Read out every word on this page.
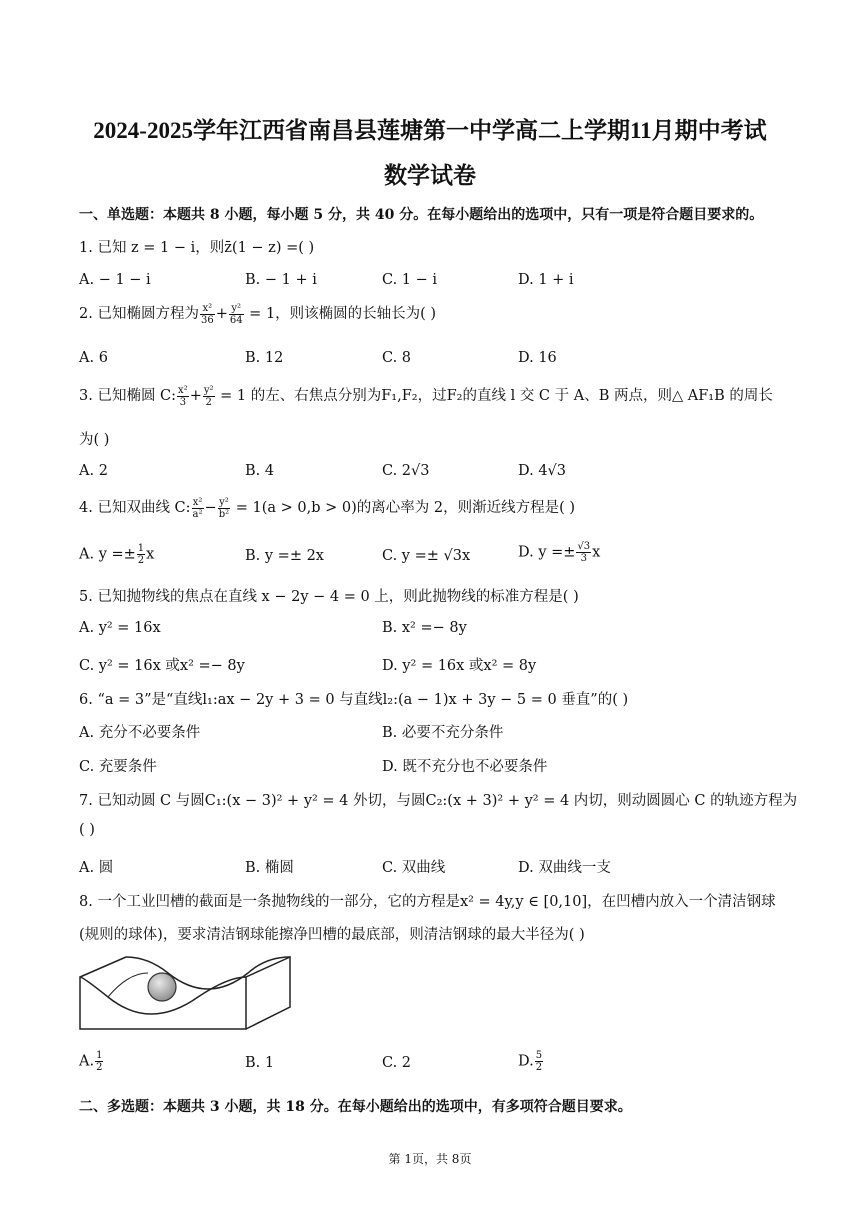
2024-2025学年江西省南昌县莲塘第一中学高二上学期11月期中考试
数学试卷
一、单选题：本题共 8 小题，每小题 5 分，共 40 分。在每小题给出的选项中，只有一项是符合题目要求的。
1. 已知 z = 1 − i，则z̄(1 − z) =( )
A. − 1 − i	B. − 1 + i	C. 1 − i	D. 1 + i
2. 已知椭圆方程为 $\frac{\text{x²}}{36} + \frac{\text{y²}}{64} = 1$，则该椭圆的长轴长为( )
A. 6	B. 12	C. 8	D. 16
3. 已知椭圆 C: $\frac{\text{x²}}{3} + \frac{\text{y²}}{2} = 1$ 的左、右焦点分别为F₁,F₂，过F₂的直线 l 交 C 于 A、B 两点，则△ AF₁B 的周长
为( )
A. 2	B. 4	C. 2√3	D. 4√3
4. 已知双曲线 C: $\frac{\text{x²}}{\text{a²}} - \frac{\text{y²}}{\text{b²}} = 1(a > 0,b > 0)$的离心率为 2，则渐近线方程是( )
A. $y =\pm \frac{1}{2}$ x	B. y =± 2x	C. y =± √3x	D. $y =\pm \frac{√3}{3}$ x
5. 已知抛物线的焦点在直线 x − 2y − 4 = 0 上，则此抛物线的标准方程是( )
A. y² = 16x	B. x² =− 8y
C. y² = 16x 或x² =− 8y	D. y² = 16x 或x² = 8y
6. “a = 3”是“直线l₁:ax − 2y + 3 = 0 与直线l₂:(a − 1)x + 3y − 5 = 0 垂直”的( )
A. 充分不必要条件	B. 必要不充分条件
C. 充要条件	D. 既不充分也不必要条件
7. 已知动圆 C 与圆C₁:(x − 3)² + y² = 4 外切，与圆C₂:(x + 3)² + y² = 4 内切，则动圆圆心 C 的轨迹方程为
( )
A. 圆	B. 椭圆	C. 双曲线	D. 双曲线一支
8. 一个工业凹槽的截面是一条抛物线的一部分，它的方程是x² = 4y,y ∈ [0,10]，在凹槽内放入一个清洁钢球
(规则的球体)，要求清洁钢球能擦净凹槽的最底部，则清洁钢球的最大半径为( )
A. $\frac{1}{2}$	B. 1	C. 2	D. $\frac{5}{2}$
二、多选题：本题共 3 小题，共 18 分。在每小题给出的选项中，有多项符合题目要求。
第 1页，共 8页
